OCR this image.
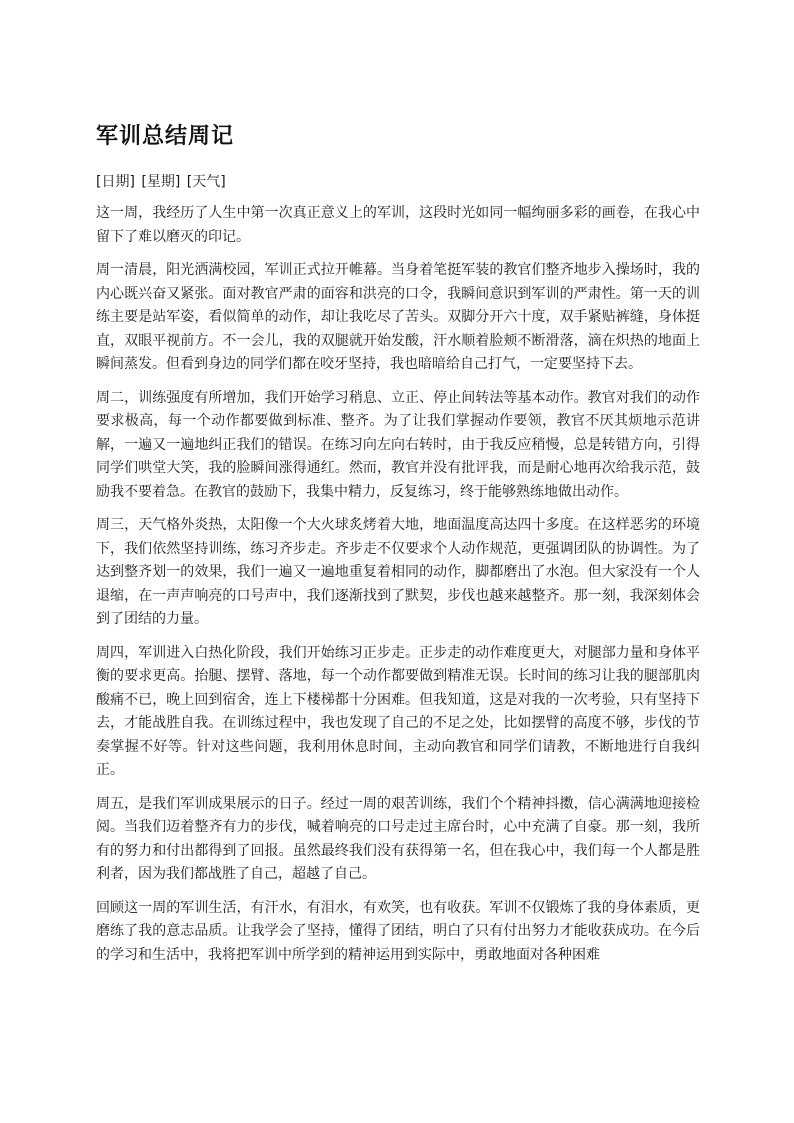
军训总结周记

[日期] [星期] [天气]

这一周，我经历了人生中第一次真正意义上的军训，这段时光如同一幅绚丽多彩的画卷，在我心中留下了难以磨灭的印记。

周一清晨，阳光洒满校园，军训正式拉开帷幕。当身着笔挺军装的教官们整齐地步入操场时，我的内心既兴奋又紧张。面对教官严肃的面容和洪亮的口令，我瞬间意识到军训的严肃性。第一天的训练主要是站军姿，看似简单的动作，却让我吃尽了苦头。双脚分开六十度，双手紧贴裤缝，身体挺直，双眼平视前方。不一会儿，我的双腿就开始发酸，汗水顺着脸颊不断滑落，滴在炽热的地面上瞬间蒸发。但看到身边的同学们都在咬牙坚持，我也暗暗给自己打气，一定要坚持下去。

周二，训练强度有所增加，我们开始学习稍息、立正、停止间转法等基本动作。教官对我们的动作要求极高，每一个动作都要做到标准、整齐。为了让我们掌握动作要领，教官不厌其烦地示范讲解，一遍又一遍地纠正我们的错误。在练习向左向右转时，由于我反应稍慢，总是转错方向，引得同学们哄堂大笑，我的脸瞬间涨得通红。然而，教官并没有批评我，而是耐心地再次给我示范，鼓励我不要着急。在教官的鼓励下，我集中精力，反复练习，终于能够熟练地做出动作。

周三，天气格外炎热，太阳像一个大火球炙烤着大地，地面温度高达四十多度。在这样恶劣的环境下，我们依然坚持训练，练习齐步走。齐步走不仅要求个人动作规范，更强调团队的协调性。为了达到整齐划一的效果，我们一遍又一遍地重复着相同的动作，脚都磨出了水泡。但大家没有一个人退缩，在一声声响亮的口号声中，我们逐渐找到了默契，步伐也越来越整齐。那一刻，我深刻体会到了团结的力量。

周四，军训进入白热化阶段，我们开始练习正步走。正步走的动作难度更大，对腿部力量和身体平衡的要求更高。抬腿、摆臂、落地，每一个动作都要做到精准无误。长时间的练习让我的腿部肌肉酸痛不已，晚上回到宿舍，连上下楼梯都十分困难。但我知道，这是对我的一次考验，只有坚持下去，才能战胜自我。在训练过程中，我也发现了自己的不足之处，比如摆臂的高度不够，步伐的节奏掌握不好等。针对这些问题，我利用休息时间，主动向教官和同学们请教，不断地进行自我纠正。

周五，是我们军训成果展示的日子。经过一周的艰苦训练，我们个个精神抖擞，信心满满地迎接检阅。当我们迈着整齐有力的步伐，喊着响亮的口号走过主席台时，心中充满了自豪。那一刻，我所有的努力和付出都得到了回报。虽然最终我们没有获得第一名，但在我心中，我们每一个人都是胜利者，因为我们都战胜了自己，超越了自己。

回顾这一周的军训生活，有汗水，有泪水，有欢笑，也有收获。军训不仅锻炼了我的身体素质，更磨练了我的意志品质。让我学会了坚持，懂得了团结，明白了只有付出努力才能收获成功。在今后的学习和生活中，我将把军训中所学到的精神运用到实际中，勇敢地面对各种困难
